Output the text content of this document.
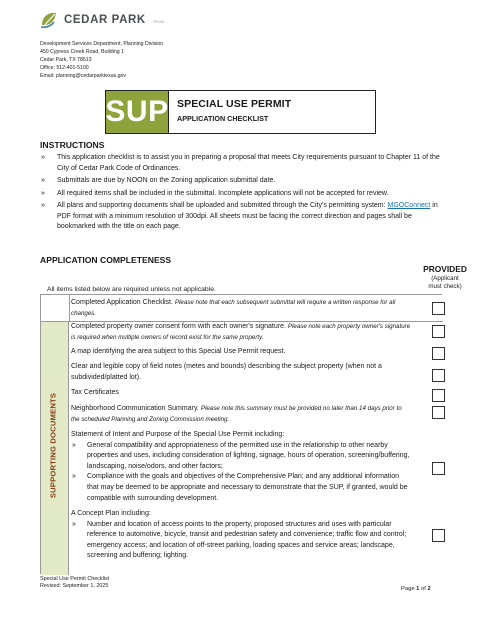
CEDAR PARK TEXAS
Development Services Department, Planning Division
450 Cypress Creek Road, Building 1
Cedar Park, TX 78613
Office: 512-401-5100
Email: planning@cedarparktexas.gov
SUP SPECIAL USE PERMIT
APPLICATION CHECKLIST
INSTRUCTIONS
» This application checklist is to assist you in preparing a proposal that meets City requirements pursuant to Chapter 11 of the City of Cedar Park Code of Ordinances.
» Submittals are due by NOON on the Zoning application submittal date.
» All required items shall be included in the submittal. Incomplete applications will not be accepted for review.
» All plans and supporting documents shall be uploaded and submitted through the City's permitting system: MGOConnect in PDF format with a minimum resolution of 300dpi. All sheets must be facing the correct direction and pages shall be bookmarked with the title on each page.
APPLICATION COMPLETENESS
PROVIDED
(Applicant
must check)
All items listed below are required unless not applicable.
SUPPORTING DOCUMENTS
Completed Application Checklist. Please note that each subsequent submittal will require a written response for all changes.
Completed property owner consent form with each owner's signature. Please note each property owner's signature is required when multiple owners of record exist for the same property.
A map identifying the area subject to this Special Use Permit request.
Clear and legible copy of field notes (metes and bounds) describing the subject property (when not a subdivided/platted lot).
Tax Certificates
Neighborhood Communication Summary. Please note this summary must be provided no later than 14 days prior to the scheduled Planning and Zoning Commission meeting.
Statement of Intent and Purpose of the Special Use Permit including:
» General compatibility and appropriateness of the permitted use in the relationship to other nearby properties and uses, including consideration of lighting, signage, hours of operation, screening/buffering, landscaping, noise/odors, and other factors;
» Compliance with the goals and objectives of the Comprehensive Plan; and any additional information that may be deemed to be appropriate and necessary to demonstrate that the SUP, if granted, would be compatible with surrounding development.
A Concept Plan including:
» Number and location of access points to the property, proposed structures and uses with particular reference to automotive, bicycle, transit and pedestrian safety and convenience; traffic flow and control; emergency access; and location of off-street parking, loading spaces and service areas; landscape, screening and buffering; lighting.
Special Use Permit Checklist
Revised: September 1, 2025	Page 1 of 2
